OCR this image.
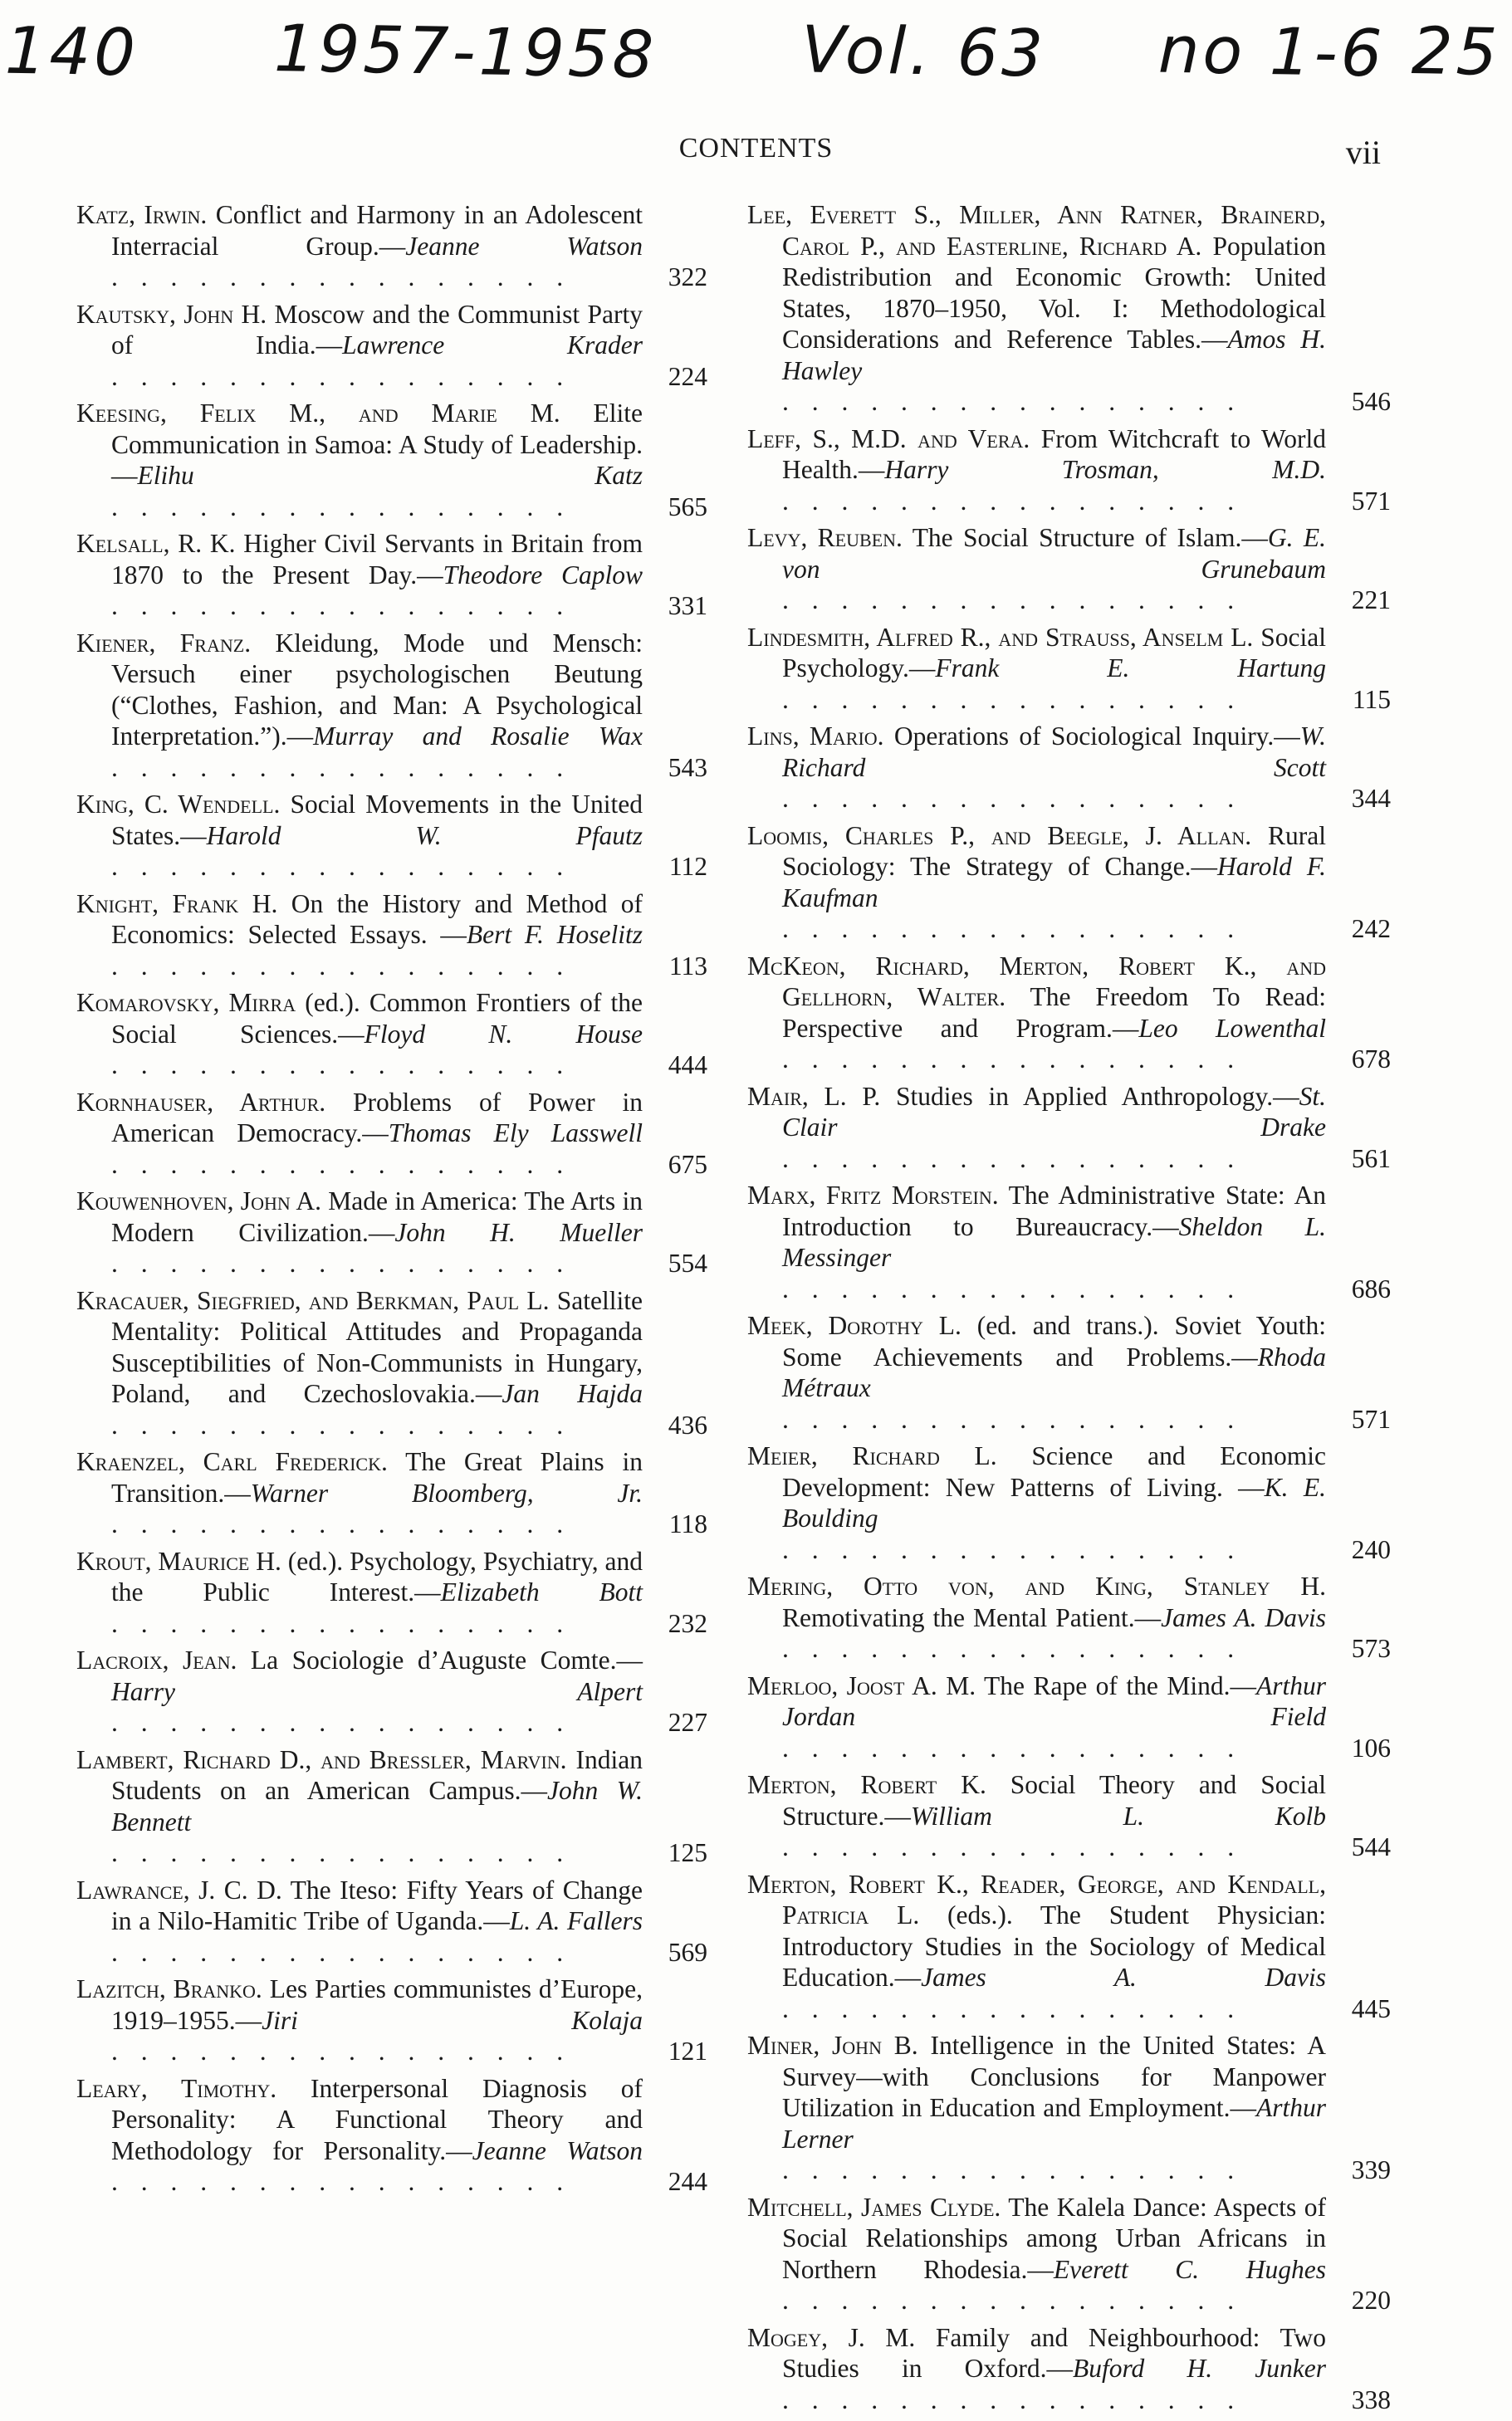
140 1957-1958 Vol. 63 no 1-6 25
CONTENTS	vii
Katz, Irwin. Conflict and Harmony in an Adolescent Interracial Group.—Jeanne Watson . . . . . . . . . . . . . . . .	322
Kautsky, John H. Moscow and the Communist Party of India.—Lawrence Krader . . . . . . . . . . . . . . . .	224
Keesing, Felix M., and Marie M. Elite Communication in Samoa: A Study of Leadership.—Elihu Katz . . . . . . . . . . . . . . . .	565
Kelsall, R. K. Higher Civil Servants in Britain from 1870 to the Present Day.—Theodore Caplow . . . . . . . . . . . . . . . .	331
Kiener, Franz. Kleidung, Mode und Mensch: Versuch einer psychologischen Beutung (“Clothes, Fashion, and Man: A Psychological Interpretation.”).—Murray and Rosalie Wax . . . . . . . . . . . . . . . .	543
King, C. Wendell. Social Movements in the United States.—Harold W. Pfautz . . . . . . . . . . . . . . . .	112
Knight, Frank H. On the History and Method of Economics: Selected Essays. —Bert F. Hoselitz . . . . . . . . . . . . . . . .	113
Komarovsky, Mirra (ed.). Common Frontiers of the Social Sciences.—Floyd N. House . . . . . . . . . . . . . . . .	444
Kornhauser, Arthur. Problems of Power in American Democracy.—Thomas Ely Lasswell . . . . . . . . . . . . . . . .	675
Kouwenhoven, John A. Made in America: The Arts in Modern Civilization.—John H. Mueller . . . . . . . . . . . . . . . .	554
Kracauer, Siegfried, and Berkman, Paul L. Satellite Mentality: Political Attitudes and Propaganda Susceptibilities of Non-Communists in Hungary, Poland, and Czechoslovakia.—Jan Hajda . . . . . . . . . . . . . . . .	436
Kraenzel, Carl Frederick. The Great Plains in Transition.—Warner Bloomberg, Jr. . . . . . . . . . . . . . . . .	118
Krout, Maurice H. (ed.). Psychology, Psychiatry, and the Public Interest.—Elizabeth Bott . . . . . . . . . . . . . . . .	232
Lacroix, Jean. La Sociologie d’Auguste Comte.—Harry Alpert . . . . . . . . . . . . . . . .	227
Lambert, Richard D., and Bressler, Marvin. Indian Students on an American Campus.—John W. Bennett . . . . . . . . . . . . . . . .	125
Lawrance, J. C. D. The Iteso: Fifty Years of Change in a Nilo-Hamitic Tribe of Uganda.—L. A. Fallers . . . . . . . . . . . . . . . .	569
Lazitch, Branko. Les Parties communistes d’Europe, 1919–1955.—Jiri Kolaja . . . . . . . . . . . . . . . .	121
Leary, Timothy. Interpersonal Diagnosis of Personality: A Functional Theory and Methodology for Personality.—Jeanne Watson . . . . . . . . . . . . . . . .	244
Lee, Everett S., Miller, Ann Ratner, Brainerd, Carol P., and Easterline, Richard A. Population Redistribution and Economic Growth: United States, 1870–1950, Vol. I: Methodological Considerations and Reference Tables.—Amos H. Hawley . . . . . . . . . . . . . . . .	546
Leff, S., M.D. and Vera. From Witchcraft to World Health.—Harry Trosman, M.D. . . . . . . . . . . . . . . . .	571
Levy, Reuben. The Social Structure of Islam.—G. E. von Grunebaum . . . . . . . . . . . . . . . .	221
Lindesmith, Alfred R., and Strauss, Anselm L. Social Psychology.—Frank E. Hartung . . . . . . . . . . . . . . . .	115
Lins, Mario. Operations of Sociological Inquiry.—W. Richard Scott . . . . . . . . . . . . . . . .	344
Loomis, Charles P., and Beegle, J. Allan. Rural Sociology: The Strategy of Change.—Harold F. Kaufman . . . . . . . . . . . . . . . .	242
McKeon, Richard, Merton, Robert K., and Gellhorn, Walter. The Freedom To Read: Perspective and Program.—Leo Lowenthal . . . . . . . . . . . . . . . .	678
Mair, L. P. Studies in Applied Anthropology.—St. Clair Drake . . . . . . . . . . . . . . . .	561
Marx, Fritz Morstein. The Administrative State: An Introduction to Bureaucracy.—Sheldon L. Messinger . . . . . . . . . . . . . . . .	686
Meek, Dorothy L. (ed. and trans.). Soviet Youth: Some Achievements and Problems.—Rhoda Métraux . . . . . . . . . . . . . . . .	571
Meier, Richard L. Science and Economic Development: New Patterns of Living. —K. E. Boulding . . . . . . . . . . . . . . . .	240
Mering, Otto von, and King, Stanley H. Remotivating the Mental Patient.—James A. Davis . . . . . . . . . . . . . . . .	573
Merloo, Joost A. M. The Rape of the Mind.—Arthur Jordan Field . . . . . . . . . . . . . . . .	106
Merton, Robert K. Social Theory and Social Structure.—William L. Kolb . . . . . . . . . . . . . . . .	544
Merton, Robert K., Reader, George, and Kendall, Patricia L. (eds.). The Student Physician: Introductory Studies in the Sociology of Medical Education.—James A. Davis . . . . . . . . . . . . . . . .	445
Miner, John B. Intelligence in the United States: A Survey—with Conclusions for Manpower Utilization in Education and Employment.—Arthur Lerner . . . . . . . . . . . . . . . .	339
Mitchell, James Clyde. The Kalela Dance: Aspects of Social Relationships among Urban Africans in Northern Rhodesia.—Everett C. Hughes . . . . . . . . . . . . . . . .	220
Mogey, J. M. Family and Neighbourhood: Two Studies in Oxford.—Buford H. Junker . . . . . . . . . . . . . . . .	338
